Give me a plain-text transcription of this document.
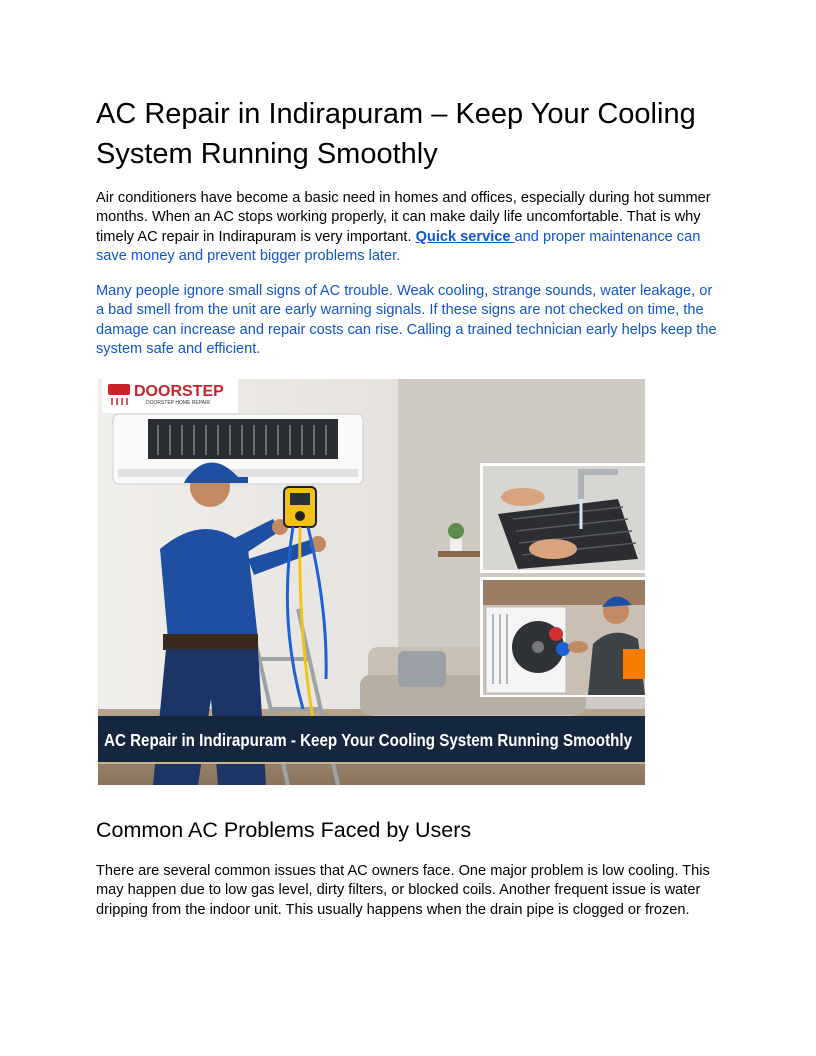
AC Repair in Indirapuram – Keep Your Cooling System Running Smoothly

Air conditioners have become a basic need in homes and offices, especially during hot summer months. When an AC stops working properly, it can make daily life uncomfortable. That is why timely AC repair in Indirapuram is very important. Quick service and proper maintenance can save money and prevent bigger problems later.

Many people ignore small signs of AC trouble. Weak cooling, strange sounds, water leakage, or a bad smell from the unit are early warning signals. If these signs are not checked on time, the damage can increase and repair costs can rise. Calling a trained technician early helps keep the system safe and efficient.

DOORSTEP
DOORSTEP HOME REPAIR
AC Repair in Indirapuram - Keep Your Cooling System Running Smoothly
Common AC Problems Faced by Users

There are several common issues that AC owners face. One major problem is low cooling. This may happen due to low gas level, dirty filters, or blocked coils. Another frequent issue is water dripping from the indoor unit. This usually happens when the drain pipe is clogged or frozen.
